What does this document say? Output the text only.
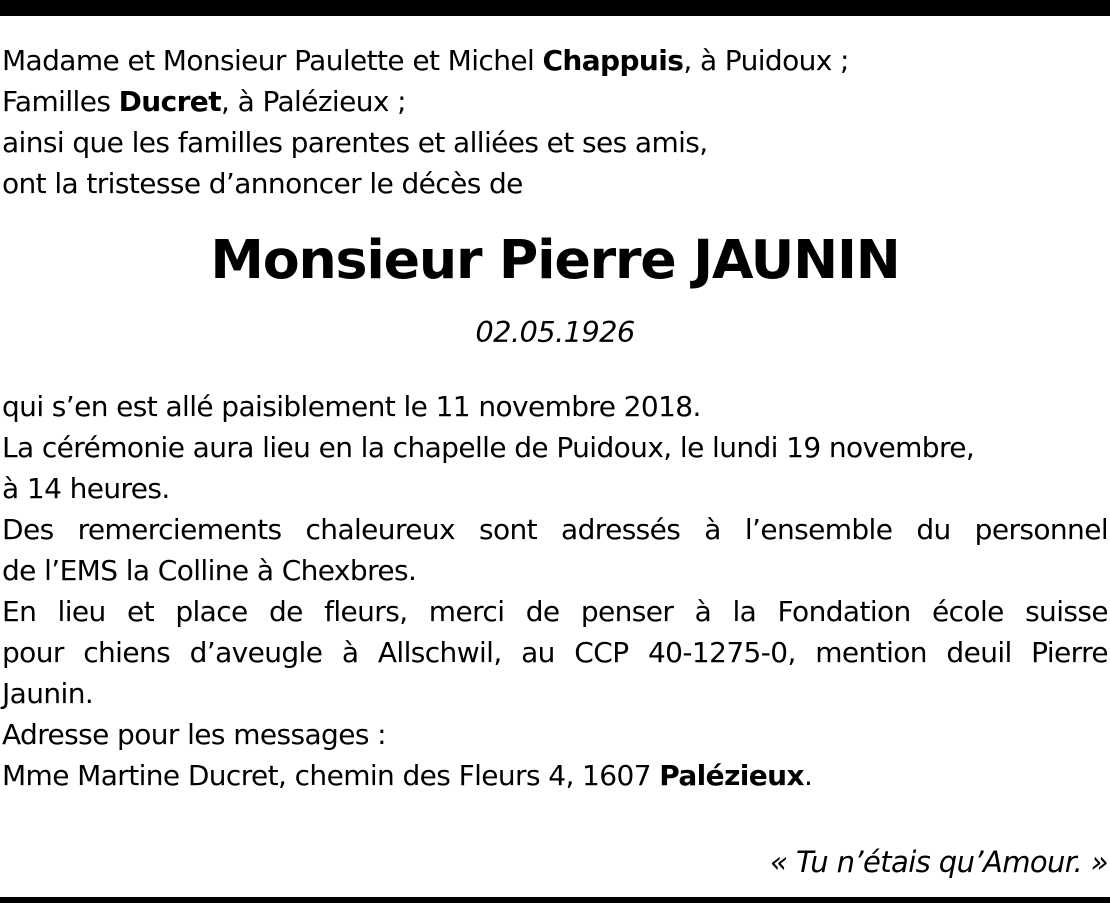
Madame et Monsieur Paulette et Michel Chappuis, à Puidoux ;
Familles Ducret, à Palézieux ;
ainsi que les familles parentes et alliées et ses amis,
ont la tristesse d’annoncer le décès de
Monsieur Pierre JAUNIN
02.05.1926
qui s’en est allé paisiblement le 11 novembre 2018.
La cérémonie aura lieu en la chapelle de Puidoux, le lundi 19 novembre,
à 14 heures.
Des remerciements chaleureux sont adressés à l’ensemble du personnel
de l’EMS la Colline à Chexbres.
En lieu et place de fleurs, merci de penser à la Fondation école suisse
pour chiens d’aveugle à Allschwil, au CCP 40-1275-0, mention deuil Pierre
Jaunin.
Adresse pour les messages :
Mme Martine Ducret, chemin des Fleurs 4, 1607 Palézieux.
« Tu n’étais qu’Amour. »
